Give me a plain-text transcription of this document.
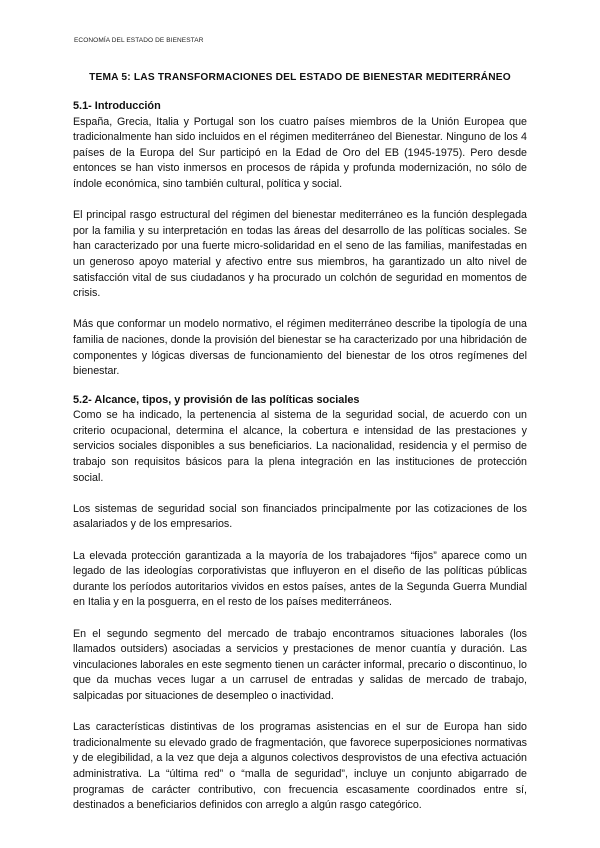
ECONOMÍA DEL ESTADO DE BIENESTAR
TEMA 5: LAS TRANSFORMACIONES DEL ESTADO DE BIENESTAR MEDITERRÁNEO
5.1- Introducción

España, Grecia, Italia y Portugal son los cuatro países miembros de la Unión Europea que tradicionalmente han sido incluidos en el régimen mediterráneo del Bienestar. Ninguno de los 4 países de la Europa del Sur participó en la Edad de Oro del EB (1945-1975). Pero desde entonces se han visto inmersos en procesos de rápida y profunda modernización, no sólo de índole económica, sino también cultural, política y social.

El principal rasgo estructural del régimen del bienestar mediterráneo es la función desplegada por la familia y su interpretación en todas las áreas del desarrollo de las políticas sociales. Se han caracterizado por una fuerte micro-solidaridad en el seno de las familias, manifestadas en un generoso apoyo material y afectivo entre sus miembros, ha garantizado un alto nivel de satisfacción vital de sus ciudadanos y ha procurado un colchón de seguridad en momentos de crisis.

Más que conformar un modelo normativo, el régimen mediterráneo describe la tipología de una familia de naciones, donde la provisión del bienestar se ha caracterizado por una hibridación de componentes y lógicas diversas de funcionamiento del bienestar de los otros regímenes del bienestar.

5.2- Alcance, tipos, y provisión de las políticas sociales

Como se ha indicado, la pertenencia al sistema de la seguridad social, de acuerdo con un criterio ocupacional, determina el alcance, la cobertura e intensidad de las prestaciones y servicios sociales disponibles a sus beneficiarios. La nacionalidad, residencia y el permiso de trabajo son requisitos básicos para la plena integración en las instituciones de protección social.

Los sistemas de seguridad social son financiados principalmente por las cotizaciones de los asalariados y de los empresarios.

La elevada protección garantizada a la mayoría de los trabajadores “fijos” aparece como un legado de las ideologías corporativistas que influyeron en el diseño de las políticas públicas durante los períodos autoritarios vividos en estos países, antes de la Segunda Guerra Mundial en Italia y en la posguerra, en el resto de los países mediterráneos.

En el segundo segmento del mercado de trabajo encontramos situaciones laborales (los llamados outsiders) asociadas a servicios y prestaciones de menor cuantía y duración. Las vinculaciones laborales en este segmento tienen un carácter informal, precario o discontinuo, lo que da muchas veces lugar a un carrusel de entradas y salidas de mercado de trabajo, salpicadas por situaciones de desempleo o inactividad.

Las características distintivas de los programas asistencias en el sur de Europa han sido tradicionalmente su elevado grado de fragmentación, que favorece superposiciones normativas y de elegibilidad, a la vez que deja a algunos colectivos desprovistos de una efectiva actuación administrativa. La “última red” o “malla de seguridad”, incluye un conjunto abigarrado de programas de carácter contributivo, con frecuencia escasamente coordinados entre sí, destinados a beneficiarios definidos con arreglo a algún rasgo categórico.
